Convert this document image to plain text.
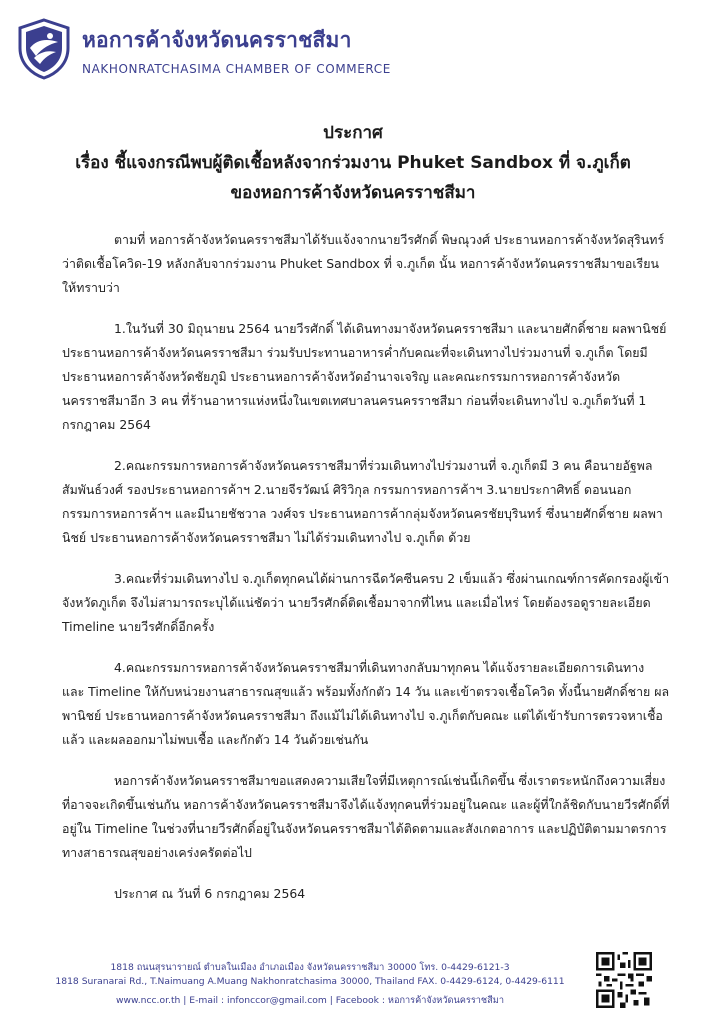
หอการค้าจังหวัดนครราชสีมา
NAKHONRATCHASIMA CHAMBER OF COMMERCE
ประกาศ
เรื่อง ชี้แจงกรณีพบผู้ติดเชื้อหลังจากร่วมงาน Phuket Sandbox ที่ จ.ภูเก็ต
ของหอการค้าจังหวัดนครราชสีมา

ตามที่ หอการค้าจังหวัดนครราชสีมาได้รับแจ้งจากนายวีรศักดิ์ พิษณุวงศ์ ประธานหอการค้าจังหวัดสุรินทร์ ว่าติดเชื้อโควิด-19 หลังกลับจากร่วมงาน Phuket Sandbox ที่ จ.ภูเก็ต นั้น หอการค้าจังหวัดนครราชสีมาขอเรียนให้ทราบว่า

1.ในวันที่ 30 มิถุนายน 2564 นายวีรศักดิ์ ได้เดินทางมาจังหวัดนครราชสีมา และนายศักดิ์ชาย ผลพานิชย์ ประธานหอการค้าจังหวัดนครราชสีมา ร่วมรับประทานอาหารค่ำกับคณะที่จะเดินทางไปร่วมงานที่ จ.ภูเก็ต โดยมีประธานหอการค้าจังหวัดชัยภูมิ ประธานหอการค้าจังหวัดอำนาจเจริญ และคณะกรรมการหอการค้าจังหวัดนครราชสีมาอีก 3 คน ที่ร้านอาหารแห่งหนึ่งในเขตเทศบาลนครนครราชสีมา ก่อนที่จะเดินทางไป จ.ภูเก็ตวันที่ 1 กรกฎาคม 2564

2.คณะกรรมการหอการค้าจังหวัดนครราชสีมาที่ร่วมเดินทางไปร่วมงานที่ จ.ภูเก็ตมี 3 คน คือนายอัฐพล สัมพันธ์วงศ์ รองประธานหอการค้าฯ 2.นายจีรวัฒน์ ศิริวิกุล กรรมการหอการค้าฯ 3.นายประกาศิทธิ์ ดอนนอก กรรมการหอการค้าฯ และมีนายชัชวาล วงศ์จร ประธานหอการค้ากลุ่มจังหวัดนครชัยบุรินทร์ ซึ่งนายศักดิ์ชาย ผลพานิชย์ ประธานหอการค้าจังหวัดนครราชสีมา ไม่ได้ร่วมเดินทางไป จ.ภูเก็ต ด้วย

3.คณะที่ร่วมเดินทางไป จ.ภูเก็ตทุกคนได้ผ่านการฉีดวัคซีนครบ 2 เข็มแล้ว ซึ่งผ่านเกณฑ์การคัดกรองผู้เข้าจังหวัดภูเก็ต จึงไม่สามารถระบุได้แน่ชัดว่า นายวีรศักดิ์ติดเชื้อมาจากที่ไหน และเมื่อไหร่ โดยต้องรอดูรายละเอียด Timeline นายวีรศักดิ์อีกครั้ง

4.คณะกรรมการหอการค้าจังหวัดนครราชสีมาที่เดินทางกลับมาทุกคน ได้แจ้งรายละเอียดการเดินทาง และ Timeline ให้กับหน่วยงานสาธารณสุขแล้ว พร้อมทั้งกักตัว 14 วัน และเข้าตรวจเชื้อโควิด ทั้งนี้นายศักดิ์ชาย ผลพานิชย์ ประธานหอการค้าจังหวัดนครราชสีมา ถึงแม้ไม่ได้เดินทางไป จ.ภูเก็ตกับคณะ แต่ได้เข้ารับการตรวจหาเชื้อแล้ว และผลออกมาไม่พบเชื้อ และกักตัว 14 วันด้วยเช่นกัน

หอการค้าจังหวัดนครราชสีมาขอแสดงความเสียใจที่มีเหตุการณ์เช่นนี้เกิดขึ้น ซึ่งเราตระหนักถึงความเสี่ยงที่อาจจะเกิดขึ้นเช่นกัน หอการค้าจังหวัดนครราชสีมาจึงได้แจ้งทุกคนที่ร่วมอยู่ในคณะ และผู้ที่ใกล้ชิดกับนายวีรศักดิ์ที่อยู่ใน Timeline ในช่วงที่นายวีรศักดิ์อยู่ในจังหวัดนครราชสีมาได้ติดตามและสังเกตอาการ และปฏิบัติตามมาตรการทางสาธารณสุขอย่างเคร่งครัดต่อไป

ประกาศ ณ วันที่ 6 กรกฎาคม 2564

1818 ถนนสุรนารายณ์ ตำบลในเมือง อำเภอเมือง จังหวัดนครราชสีมา 30000 โทร. 0-4429-6121-3
1818 Suranarai Rd., T.Naimuang A.Muang Nakhonratchasima 30000, Thailand FAX. 0-4429-6124, 0-4429-6111
www.ncc.or.th | E-mail : infonccor@gmail.com | Facebook : หอการค้าจังหวัดนครราชสีมา
